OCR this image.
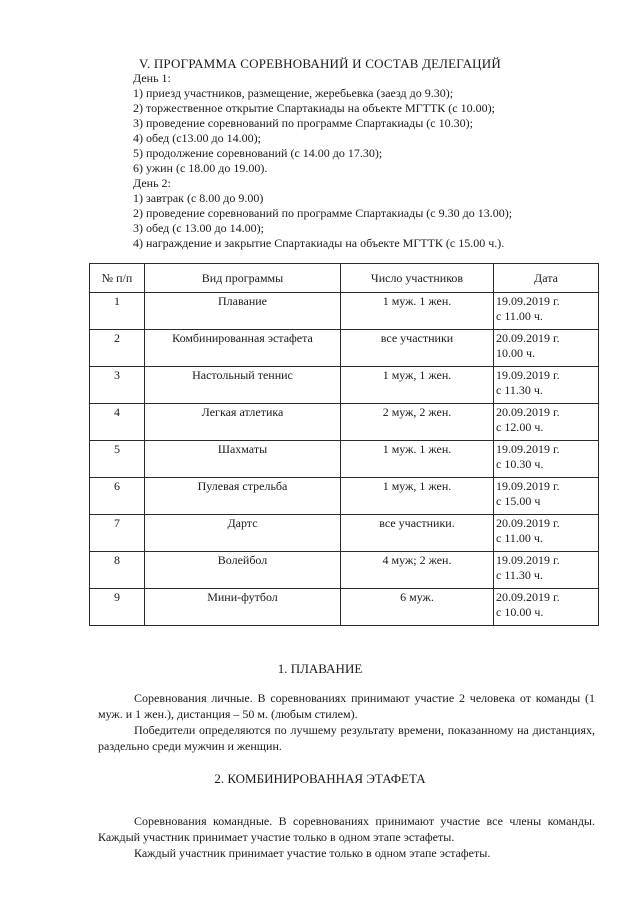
V. ПРОГРАММА СОРЕВНОВАНИЙ И СОСТАВ ДЕЛЕГАЦИЙ
День 1:
1) приезд участников, размещение, жеребьевка (заезд до 9.30);
2) торжественное открытие Спартакиады на объекте МГТТК (с 10.00);
3) проведение соревнований по программе Спартакиады (с 10.30);
4) обед (с13.00 до 14.00);
5) продолжение соревнований (с 14.00 до 17.30);
6) ужин (с 18.00 до 19.00).
День 2:
1) завтрак (с 8.00 до 9.00)
2) проведение соревнований по программе Спартакиады (с 9.30 до 13.00);
3) обед (с 13.00 до 14.00);
4) награждение и закрытие Спартакиады на объекте МГТТК (с 15.00 ч.).
№ п/п	Вид программы	Число участников	Дата
1	Плавание	1 муж. 1 жен.	19.09.2019 г.
с 11.00 ч.
2	Комбинированная эстафета	все участники	20.09.2019 г.
10.00 ч.
3	Настольный теннис	1 муж, 1 жен.	19.09.2019 г.
с 11.30 ч.
4	Легкая атлетика	2 муж, 2 жен.	20.09.2019 г.
с 12.00 ч.
5	Шахматы	1 муж. 1 жен.	19.09.2019 г.
с 10.30 ч.
6	Пулевая стрельба	1 муж, 1 жен.	19.09.2019 г.
с 15.00 ч
7	Дартс	все участники.	20.09.2019 г.
с 11.00 ч.
8	Волейбол	4 муж; 2 жен.	19.09.2019 г.
с 11.30 ч.
9	Мини-футбол	6 муж.	20.09.2019 г.
с 10.00 ч.
1. ПЛАВАНИЕ
Соревнования личные. В соревнованиях принимают участие 2 человека от команды (1 муж. и 1 жен.), дистанция – 50 м. (любым стилем).
Победители определяются по лучшему результату времени, показанному на дистанциях, раздельно среди мужчин и женщин.
2. КОМБИНИРОВАННАЯ ЭТАФЕТА
Соревнования командные. В соревнованиях принимают участие все члены команды. Каждый участник принимает участие только в одном этапе эстафеты.
Каждый участник принимает участие только в одном этапе эстафеты.
